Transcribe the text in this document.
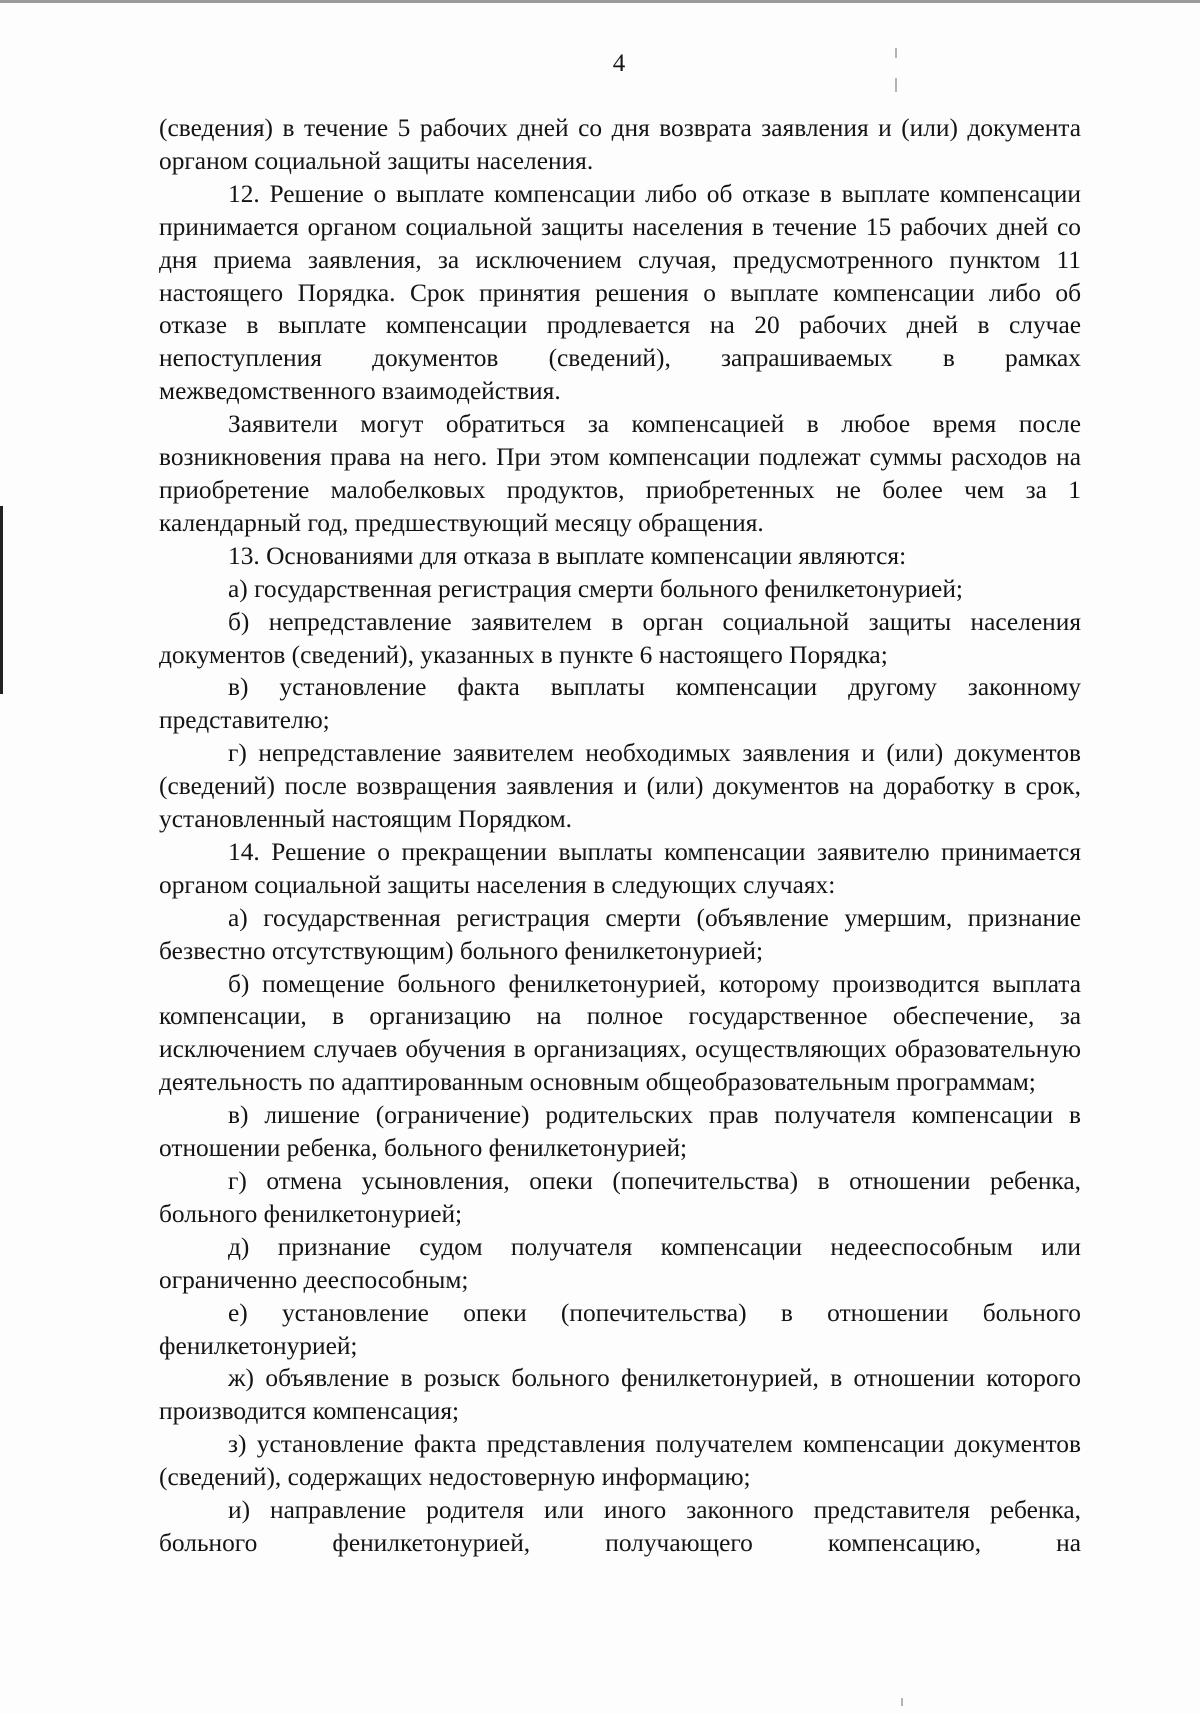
4

(сведения) в течение 5 рабочих дней со дня возврата заявления и (или) документа органом социальной защиты населения.

12. Решение о выплате компенсации либо об отказе в выплате компенсации принимается органом социальной защиты населения в течение 15 рабочих дней со дня приема заявления, за исключением случая, предусмотренного пунктом 11 настоящего Порядка. Срок принятия решения о выплате компенсации либо об отказе в выплате компенсации продлевается на 20 рабочих дней в случае непоступления документов (сведений), запрашиваемых в рамках межведомственного взаимодействия.

Заявители могут обратиться за компенсацией в любое время после возникновения права на него. При этом компенсации подлежат суммы расходов на приобретение малобелковых продуктов, приобретенных не более чем за 1 календарный год, предшествующий месяцу обращения.

13. Основаниями для отказа в выплате компенсации являются:

а) государственная регистрация смерти больного фенилкетонурией;

б) непредставление заявителем в орган социальной защиты населения документов (сведений), указанных в пункте 6 настоящего Порядка;

в) установление факта выплаты компенсации другому законному представителю;

г) непредставление заявителем необходимых заявления и (или) документов (сведений) после возвращения заявления и (или) документов на доработку в срок, установленный настоящим Порядком.

14. Решение о прекращении выплаты компенсации заявителю принимается органом социальной защиты населения в следующих случаях:

а) государственная регистрация смерти (объявление умершим, признание безвестно отсутствующим) больного фенилкетонурией;

б) помещение больного фенилкетонурией, которому производится выплата компенсации, в организацию на полное государственное обеспечение, за исключением случаев обучения в организациях, осуществляющих образовательную деятельность по адаптированным основным общеобразовательным программам;

в) лишение (ограничение) родительских прав получателя компенсации в отношении ребенка, больного фенилкетонурией;

г) отмена усыновления, опеки (попечительства) в отношении ребенка, больного фенилкетонурией;

д) признание судом получателя компенсации недееспособным или ограниченно дееспособным;

е) установление опеки (попечительства) в отношении больного фенилкетонурией;

ж) объявление в розыск больного фенилкетонурией, в отношении которого производится компенсация;

з) установление факта представления получателем компенсации документов (сведений), содержащих недостоверную информацию;

и) направление родителя или иного законного представителя ребенка, больного фенилкетонурией, получающего компенсацию, на
